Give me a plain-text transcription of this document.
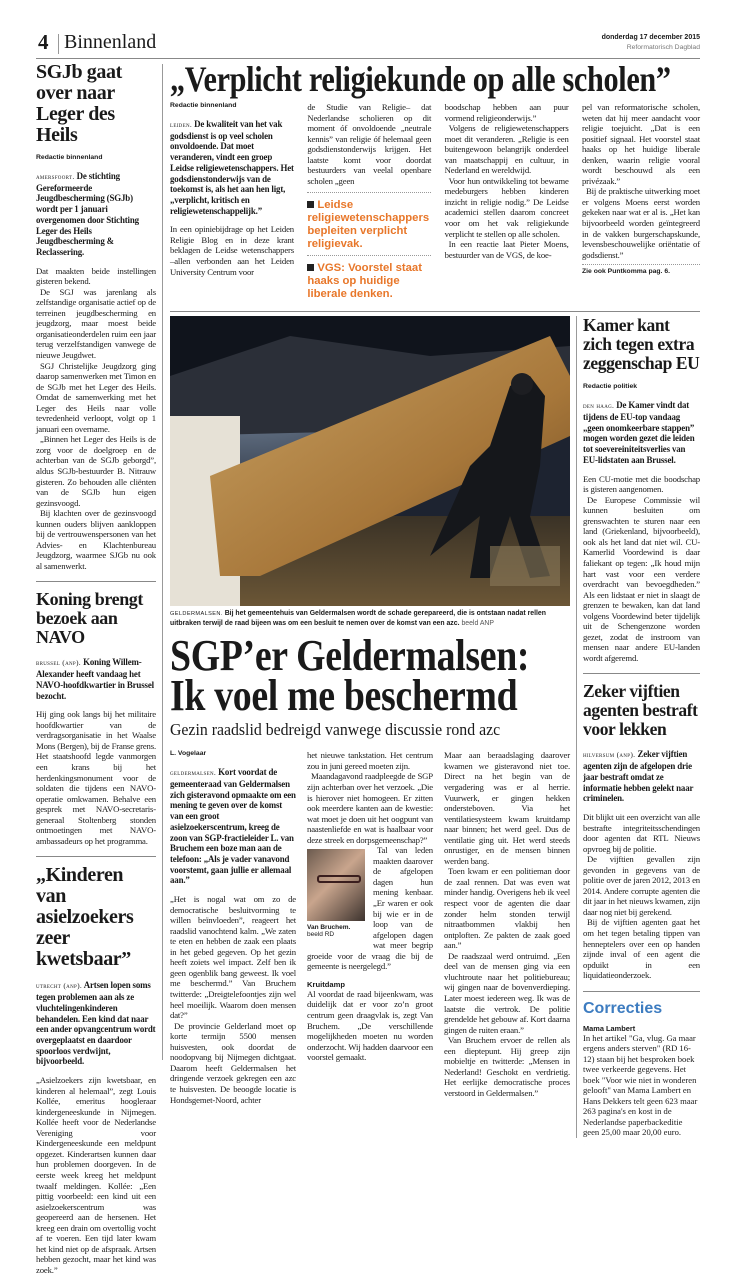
4 Binnenland	donderdag 17 december 2015
Reformatorisch Dagblad
SGJb gaat over naar Leger des Heils
Redactie binnenland
amersfoort. De stichting Gereformeerde Jeugdbescherming (SGJb) wordt per 1 januari overgenomen door Stichting Leger des Heils Jeugdbescherming & Reclassering.

Dat maakten beide instellingen gisteren bekend.

De SGJ was jarenlang als zelfstandige organisatie actief op de terreinen jeugdbescherming en jeugdzorg, maar moest beide organisatieonderdelen ruim een jaar terug verzelfstandigen vanwege de nieuwe Jeugdwet.

SGJ Christelijke Jeugdzorg ging daarop samenwerken met Timon en de SGJb met het Leger des Heils. Omdat de samenwerking met het Leger des Heils naar volle tevredenheid verloopt, volgt op 1 januari een overname.

„Binnen het Leger des Heils is de zorg voor de doelgroep en de achterban van de SGJb geborgd”, aldus SGJb-bestuurder B. Nitrauw gisteren. Zo behouden alle cliënten van de SGJb hun eigen gezinsvoogd.

Bij klachten over de gezinsvoogd kunnen ouders blijven aankloppen bij de vertrouwenspersonen van het Advies- en Klachtenbureau Jeugdzorg, waarmee SJGb nu ook al samenwerkt.

Koning brengt bezoek aan NAVO
brussel (anp). Koning Willem-Alexander heeft vandaag het NAVO-hoofdkwartier in Brussel bezocht.

Hij ging ook langs bij het militaire hoofdkwartier van de verdragsorganisatie in het Waalse Mons (Bergen), bij de Franse grens. Het staatshoofd legde vanmorgen een krans bij het herdenkingsmonument voor de soldaten die tijdens een NAVO-operatie omkwamen. Behalve een gesprek met NAVO-secretaris-generaal Stoltenberg stonden ontmoetingen met NAVO-ambassadeurs op het programma.

„Kinderen van asielzoekers zeer kwetsbaar”
utrecht (anp). Artsen lopen soms tegen problemen aan als ze vluchtelingenkinderen behandelen. Een kind dat naar een ander opvangcentrum wordt overgeplaatst en daardoor spoorloos verdwijnt, bijvoorbeeld.

„Asielzoekers zijn kwetsbaar, en kinderen al helemaal”, zegt Louis Kollée, emeritus hoogleraar kindergeneeskunde in Nijmegen. Kollée heeft voor de Nederlandse Vereniging voor Kindergeneeskunde een meldpunt opgezet. Kinderartsen kunnen daar hun problemen doorgeven. In de eerste week kreeg het meldpunt twaalf meldingen. Kollée: „Een pittig voorbeeld: een kind uit een asielzoekerscentrum was geopereerd aan de hersenen. Het kreeg een drain om overtollig vocht af te voeren. Een tijd later kwam het kind niet op de afspraak. Artsen hebben gezocht, maar het kind was zoek.”

„Verplicht religiekunde op alle scholen”
Redactie binnenland
leiden. De kwaliteit van het vak godsdienst is op veel scholen onvoldoende. Dat moet veranderen, vindt een groep Leidse religiewetenschappers. Het godsdienstonderwijs van de toekomst is, als het aan hen ligt, „verplicht, kritisch en religiewetenschappelijk.”

In een opiniebijdrage op het Leiden Religie Blog en in deze krant beklagen de Leidse wetenschappers –allen verbonden aan het Leiden University Centrum voor

de Studie van Religie– dat Nederlandse scholieren op dit moment óf onvoldoende „neutrale kennis” van religie óf helemaal geen godsdienstonderwijs krijgen. Het laatste komt voor doordat bestuurders van veelal openbare scholen „geen

Leidse religiewetenschappers bepleiten verplicht religievak.
VGS: Voorstel staat haaks op huidige liberale denken.

boodschap hebben aan puur vormend religieonderwijs.”

Volgens de religiewetenschappers moet dit veranderen. „Religie is een buitengewoon belangrijk onderdeel van maatschappij en cultuur, in Nederland en wereldwijd.

Voor hun ontwikkeling tot bewame medeburgers hebben kinderen inzicht in religie nodig.” De Leidse academici stellen daarom concreet voor om het vak religiekunde verplicht te stellen op alle scholen.

In een reactie laat Pieter Moens, bestuurder van de VGS, de koe-

pel van reformatorische scholen, weten dat hij meer aandacht voor religie toejuicht. „Dat is een positief signaal. Het voorstel staat haaks op het huidige liberale denken, waarin religie vooral wordt beschouwd als een privézaak.”

Bij de praktische uitwerking moet er volgens Moens eerst worden gekeken naar wat er al is. „Het kan bijvoorbeeld worden geïntegreerd in de vakken burgerschapskunde, levensbeschouwelijke oriëntatie of godsdienst.”

Zie ook Puntkomma pag. 6.
GELDERMALSEN. Bij het gemeentehuis van Geldermalsen wordt de schade gerepareerd, die is ontstaan nadat rellen uitbraken terwijl de raad bijeen was om een besluit te nemen over de komst van een azc. beeld ANP
SGP’er Geldermalsen:
Ik voel me beschermd
Gezin raadslid bedreigd vanwege discussie rond azc
L. Vogelaar
geldermalsen. Kort voordat de gemeenteraad van Geldermalsen zich gisteravond opmaakte om een mening te geven over de komst van een groot asielzoekerscentrum, kreeg de zoon van SGP-fractieleider L. van Bruchem een boze man aan de telefoon: „Als je vader vanavond voorstemt, gaan jullie er allemaal aan.”

„Het is nogal wat om zo de democratische besluitvorming te willen beïnvloeden”, reageert het raadslid vanochtend kalm. „We zaten te eten en hebben de zaak een plaats in het gebed gegeven. Op het gezin heeft zoiets wel impact. Zelf ben ik geen ogenblik bang geweest. Ik voel me beschermd.” Van Bruchem twitterde: „Dreigtelefoontjes zijn wel heel moeilijk. Waarom doen mensen dat?”

De provincie Gelderland moet op korte termijn 5500 mensen huisvesten, ook doordat de noodopvang bij Nijmegen dichtgaat. Daarom heeft Geldermalsen het dringende verzoek gekregen een azc te huisvesten. De beoogde locatie is Hondsgemet-Noord, achter

het nieuwe tankstation. Het centrum zou in juni gereed moeten zijn.

Maandagavond raadpleegde de SGP zijn achterban over het verzoek. „Die is hierover niet homogeen. Er zitten ook meerdere kanten aan de kwestie: wat moet je doen uit het oogpunt van naastenliefde en wat is haalbaar voor deze streek en dorpsgemeenschap?”

Van Bruchem.
beeld RD

Tal van leden maakten daarover de afgelopen dagen hun mening kenbaar. „Er waren er ook bij wie er in de loop van de afgelopen dagen wat meer begrip groeide voor de vraag die bij de gemeente is neergelegd.”

Kruitdamp

Al voordat de raad bijeenkwam, was duidelijk dat er voor zo’n groot centrum geen draagvlak is, zegt Van Bruchem. „De verschillende mogelijkheden moeten nu worden onderzocht. Wij hadden daarvoor een voorstel gemaakt.

Maar aan beraadslaging daarover kwamen we gisteravond niet toe. Direct na het begin van de vergadering was er al herrie. Vuurwerk, er gingen hekken ondersteboven. Via het ventilatiesysteem kwam kruitdamp naar binnen; het werd geel. Dus de ventilatie ging uit. Het werd steeds onrustiger, en de mensen binnen werden bang.

Toen kwam er een politieman door de zaal rennen. Dat was even wat minder handig. Overigens heb ik veel respect voor de agenten die daar zonder helm stonden terwijl nitraatbommen vlakbij hen ontploften. Ze pakten de zaak goed aan.”

De raadszaal werd ontruimd. „Een deel van de mensen ging via een vluchtroute naar het politiebureau; wij gingen naar de bovenverdieping. Later moest iedereen weg. Ik was de laatste die vertrok. De politie grendelde het gebouw af. Kort daarna gingen de ruiten eraan.”

Van Bruchem ervoer de rellen als een dieptepunt. Hij greep zijn mobieltje en twitterde: „Mensen in Nederland! Geschokt en verdrietig. Het eerlijke democratische proces verstoord in Geldermalsen.”

Kamer kant zich tegen extra zeggenschap EU
Redactie politiek
den haag. De Kamer vindt dat tijdens de EU-top vandaag „geen onomkeerbare stappen” mogen worden gezet die leiden tot soevereiniteitsverlies van EU-lidstaten aan Brussel.

Een CU-motie met die boodschap is gisteren aangenomen.

De Europese Commissie wil kunnen besluiten om grenswachten te sturen naar een land (Griekenland, bijvoorbeeld), ook als het land dat niet wil. CU-Kamerlid Voordewind is daar faliekant op tegen: „Ik houd mijn hart vast voor een verdere overdracht van bevoegdheden.” Als een lidstaat er niet in slaagt de grenzen te bewaken, kan dat land volgens Voordewind beter tijdelijk uit de Schengenzone worden gezet, zodat de instroom van mensen naar andere EU-landen wordt afgeremd.

Zeker vijftien agenten bestraft voor lekken
hilversum (anp). Zeker vijftien agenten zijn de afgelopen drie jaar bestraft omdat ze informatie hebben gelekt naar criminelen.

Dit blijkt uit een overzicht van alle bestrafte integriteitsschendingen door agenten dat RTL Nieuws opvroeg bij de politie.

De vijftien gevallen zijn gevonden in gegevens van de politie over de jaren 2012, 2013 en 2014. Andere corrupte agenten die dit jaar in het nieuws kwamen, zijn daar nog niet bij gerekend.

Bij de vijftien agenten gaat het om het tegen betaling tippen van henneptelers over een op handen zijnde inval of een agent die opduikt in een liquidatieonderzoek.

Correcties
Mama Lambert
In het artikel "Ga, vlug. Ga maar ergens anders sterven" (RD 16-12) staan bij het besproken boek twee verkeerde gegevens. Het boek "Voor wie niet in wonderen gelooft" van Mama Lambert en Hans Dekkers telt geen 623 maar 263 pagina's en kost in de Nederlandse paperbackeditie geen 25,00 maar 20,00 euro.
